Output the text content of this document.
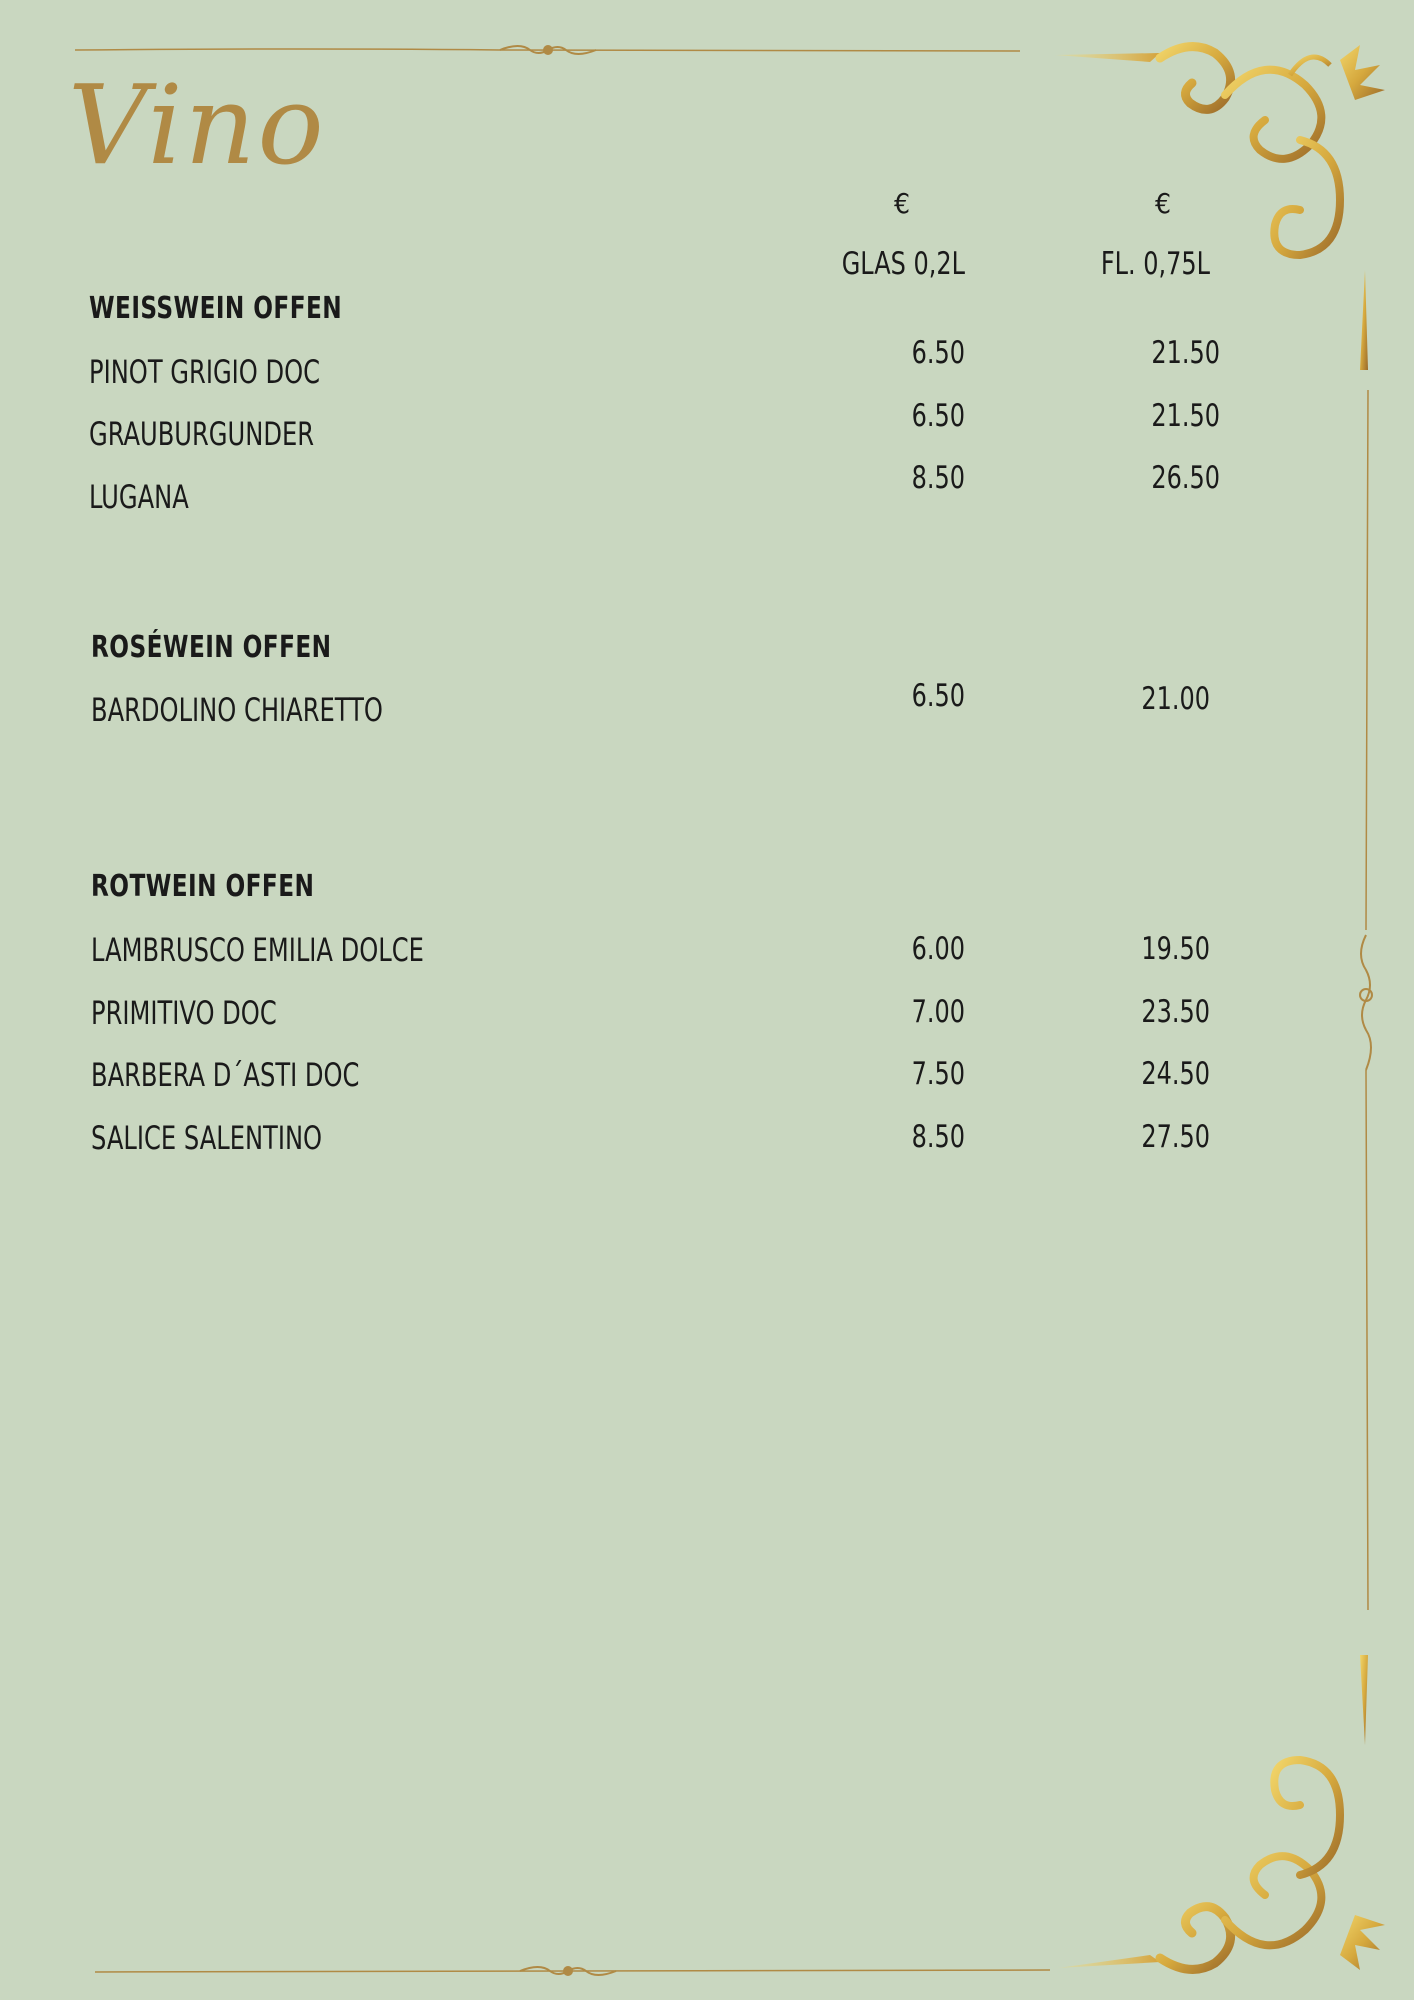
Vino
€	€
GLAS 0,2L	FL. 0,75L
WEISSWEIN OFFEN
PINOT GRIGIO DOC	6.50	21.50
GRAUBURGUNDER	6.50	21.50
LUGANA	8.50	26.50
ROSÉWEIN OFFEN
BARDOLINO CHIARETTO	6.50	21.00
ROTWEIN OFFEN
LAMBRUSCO EMILIA DOLCE	6.00	19.50
PRIMITIVO DOC	7.00	23.50
BARBERA D´ASTI DOC	7.50	24.50
SALICE SALENTINO	8.50	27.50
